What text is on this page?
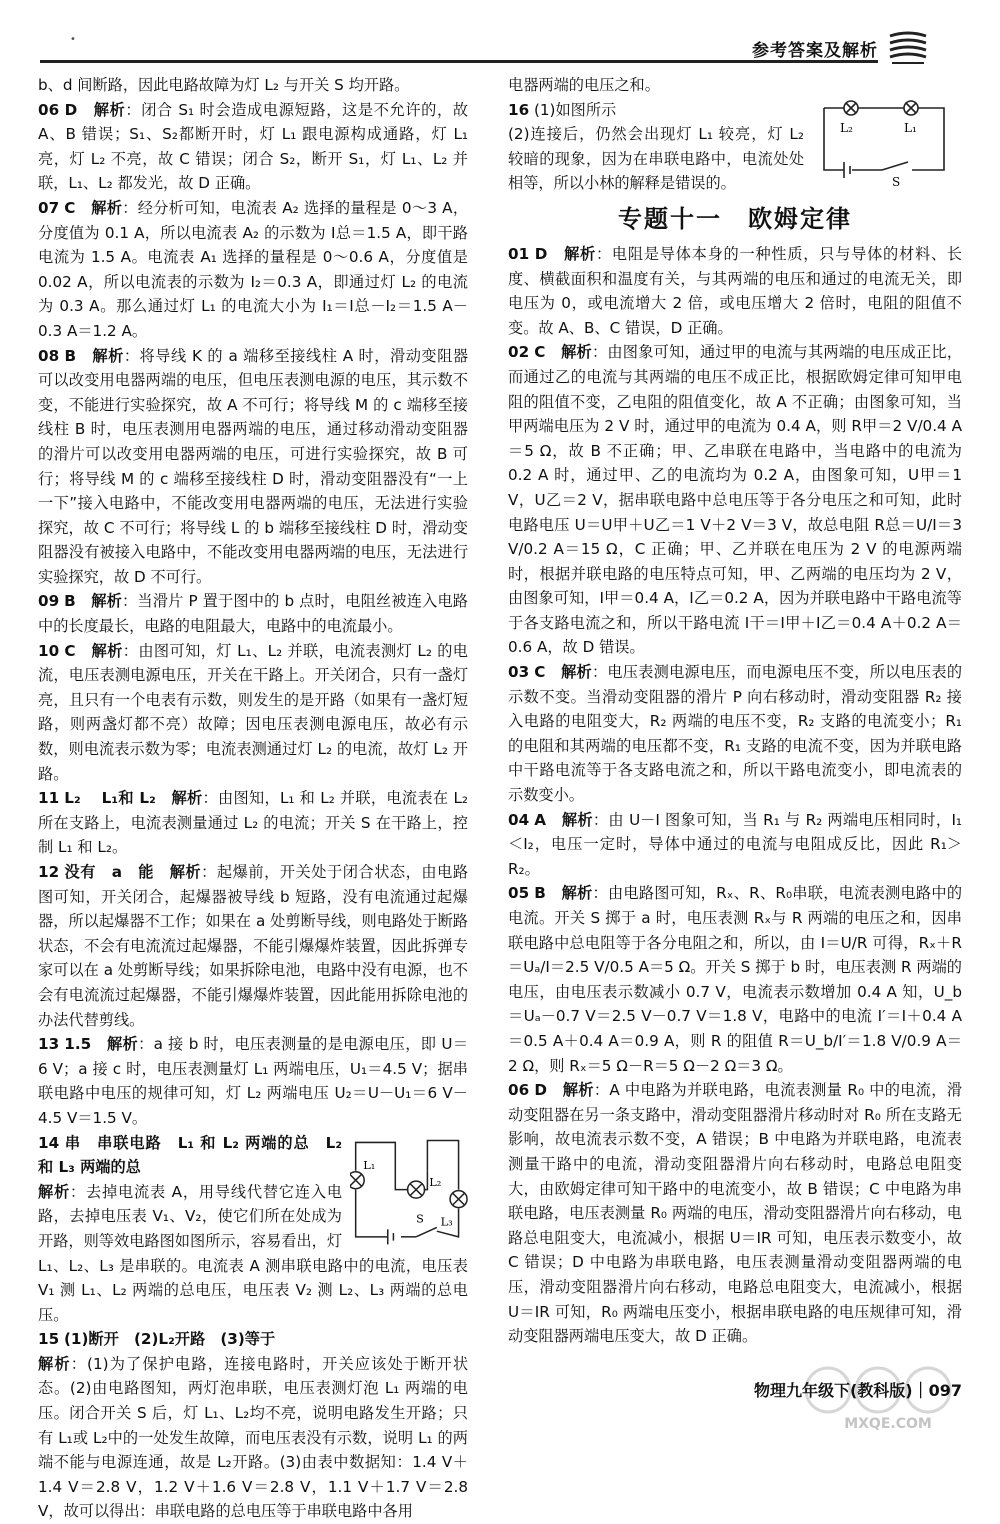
•
参考答案及解析

b、d 间断路，因此电路故障为灯 L₂ 与开关 S 均开路。

06 D　 解析：闭合 S₁ 时会造成电源短路，这是不允许的，故 A、B 错误；S₁、S₂都断开时，灯 L₁ 跟电源构成通路，灯 L₁ 亮，灯 L₂ 不亮，故 C 错误；闭合 S₂，断开 S₁，灯 L₁、L₂ 并联，L₁、L₂ 都发光，故 D 正确。

07 C　 解析：经分析可知，电流表 A₂ 选择的量程是 0～3 A，分度值为 0.1 A，所以电流表 A₂ 的示数为 I总＝1.5 A，即干路电流为 1.5 A。电流表 A₁ 选择的量程是 0～0.6 A，分度值是 0.02 A，所以电流表的示数为 I₂＝0.3 A，即通过灯 L₂ 的电流为 0.3 A。那么通过灯 L₁ 的电流大小为 I₁＝I总－I₂＝1.5 A－0.3 A＝1.2 A。

08 B　 解析：将导线 K 的 a 端移至接线柱 A 时，滑动变阻器可以改变用电器两端的电压，但电压表测电源的电压，其示数不变，不能进行实验探究，故 A 不可行；将导线 M 的 c 端移至接线柱 B 时，电压表测用电器两端的电压，通过移动滑动变阻器的滑片可以改变用电器两端的电压，可进行实验探究，故 B 可行；将导线 M 的 c 端移至接线柱 D 时，滑动变阻器没有“一上一下”接入电路中，不能改变用电器两端的电压，无法进行实验探究，故 C 不可行；将导线 L 的 b 端移至接线柱 D 时，滑动变阻器没有被接入电路中，不能改变用电器两端的电压，无法进行实验探究，故 D 不可行。

09 B　 解析：当滑片 P 置于图中的 b 点时，电阻丝被连入电路中的长度最长，电路的电阻最大，电路中的电流最小。

10 C　 解析：由图可知，灯 L₁、L₂ 并联，电流表测灯 L₂ 的电流，电压表测电源电压，开关在干路上。开关闭合，只有一盏灯亮，且只有一个电表有示数，则发生的是开路（如果有一盏灯短路，则两盏灯都不亮）故障；因电压表测电源电压，故必有示数，则电流表示数为零；电流表测通过灯 L₂ 的电流，故灯 L₂ 开路。

11 L₂ 　L₁和 L₂　 解析：由图知，L₁ 和 L₂ 并联，电流表在 L₂ 所在支路上，电流表测量通过 L₂ 的电流；开关 S 在干路上，控制 L₁ 和 L₂。

12 没有　a　能　 解析：起爆前，开关处于闭合状态，由电路图可知，开关闭合，起爆器被导线 b 短路，没有电流通过起爆器，所以起爆器不工作；如果在 a 处剪断导线，则电路处于断路状态，不会有电流流过起爆器，不能引爆爆炸装置，因此拆弹专家可以在 a 处剪断导线；如果拆除电池，电路中没有电源，也不会有电流流过起爆器，不能引爆爆炸装置，因此能用拆除电池的办法代替剪线。

13 1.5　 解析：a 接 b 时，电压表测量的是电源电压，即 U＝6 V；a 接 c 时，电压表测量灯 L₁ 两端电压，U₁＝4.5 V；据串联电路中电压的规律可知，灯 L₂ 两端电压 U₂＝U－U₁＝6 V－4.5 V＝1.5 V。

L₁
L₂
L₃
S

14 串　串联电路　L₁ 和 L₂ 两端的总　L₂ 和 L₃ 两端的总

解析：去掉电流表 A，用导线代替它连入电路，去掉电压表 V₁、V₂，使它们所在处成为开路，则等效电路图如图所示，容易看出，灯 L₁、L₂、L₃ 是串联的。电流表 A 测串联电路中的电流，电压表 V₁ 测 L₁、L₂ 两端的总电压，电压表 V₂ 测 L₂、L₃ 两端的总电压。

15 (1)断开　(2)L₂开路　(3)等于

解析：(1)为了保护电路，连接电路时，开关应该处于断开状态。(2)由电路图知，两灯泡串联，电压表测灯泡 L₁ 两端的电压。闭合开关 S 后，灯 L₁、L₂均不亮，说明电路发生开路；只有 L₁或 L₂中的一处发生故障，而电压表没有示数，说明 L₁ 的两端不能与电源连通，故是 L₂开路。(3)由表中数据知：1.4 V＋1.4 V＝2.8 V，1.2 V＋1.6 V＝2.8 V，1.1 V＋1.7 V＝2.8 V，故可以得出：串联电路的总电压等于串联电路中各用

电器两端的电压之和。

L₂	L₁
S

16 (1)如图所示

(2)连接后，仍然会出现灯 L₁ 较亮，灯 L₂ 较暗的现象，因为在串联电路中，电流处处相等，所以小林的解释是错误的。

专题十一　欧姆定律

01 D　 解析：电阻是导体本身的一种性质，只与导体的材料、长度、横截面积和温度有关，与其两端的电压和通过的电流无关，即电压为 0，或电流增大 2 倍，或电压增大 2 倍时，电阻的阻值不变。故 A、B、C 错误，D 正确。

02 C　 解析：由图象可知，通过甲的电流与其两端的电压成正比，而通过乙的电流与其两端的电压不成正比，根据欧姆定律可知甲电阻的阻值不变，乙电阻的阻值变化，故 A 不正确；由图象可知，当甲两端电压为 2 V 时，通过甲的电流为 0.4 A，则 R甲＝2 V/0.4 A＝5 Ω，故 B 不正确；甲、乙串联在电路中，当电路中的电流为 0.2 A 时，通过甲、乙的电流均为 0.2 A，由图象可知，U甲＝1 V，U乙＝2 V，据串联电路中总电压等于各分电压之和可知，此时电路电压 U＝U甲＋U乙＝1 V＋2 V＝3 V，故总电阻 R总＝U/I＝3 V/0.2 A＝15 Ω，C 正确；甲、乙并联在电压为 2 V 的电源两端时，根据并联电路的电压特点可知，甲、乙两端的电压均为 2 V，由图象可知，I甲＝0.4 A，I乙＝0.2 A，因为并联电路中干路电流等于各支路电流之和，所以干路电流 I干＝I甲＋I乙＝0.4 A＋0.2 A＝0.6 A，故 D 错误。

03 C　 解析：电压表测电源电压，而电源电压不变，所以电压表的示数不变。当滑动变阻器的滑片 P 向右移动时，滑动变阻器 R₂ 接入电路的电阻变大，R₂ 两端的电压不变，R₂ 支路的电流变小；R₁ 的电阻和其两端的电压都不变，R₁ 支路的电流不变，因为并联电路中干路电流等于各支路电流之和，所以干路电流变小，即电流表的示数变小。

04 A　 解析：由 U－I 图象可知，当 R₁ 与 R₂ 两端电压相同时，I₁＜I₂，电压一定时，导体中通过的电流与电阻成反比，因此 R₁＞R₂。

05 B　 解析：由电路图可知，Rₓ、R、R₀串联，电流表测电路中的电流。开关 S 掷于 a 时，电压表测 Rₓ与 R 两端的电压之和，因串联电路中总电阻等于各分电阻之和，所以，由 I＝U/R 可得，Rₓ＋R＝Uₐ/I＝2.5 V/0.5 A＝5 Ω。开关 S 掷于 b 时，电压表测 R 两端的电压，由电压表示数减小 0.7 V，电流表示数增加 0.4 A 知，U_b＝Uₐ－0.7 V＝2.5 V－0.7 V＝1.8 V，电路中的电流 I′＝I＋0.4 A＝0.5 A＋0.4 A＝0.9 A，则 R 的阻值 R＝U_b/I′＝1.8 V/0.9 A＝2 Ω，则 Rₓ＝5 Ω－R＝5 Ω－2 Ω＝3 Ω。

06 D　 解析：A 中电路为并联电路，电流表测量 R₀ 中的电流，滑动变阻器在另一条支路中，滑动变阻器滑片移动时对 R₀ 所在支路无影响，故电流表示数不变，A 错误；B 中电路为并联电路，电流表测量干路中的电流，滑动变阻器滑片向右移动时，电路总电阻变大，由欧姆定律可知干路中的电流变小，故 B 错误；C 中电路为串联电路，电压表测量 R₀ 两端的电压，滑动变阻器滑片向右移动，电路总电阻变大，电流减小，根据 U＝IR 可知，电压表示数变小，故 C 错误；D 中电路为串联电路，电压表测量滑动变阻器两端的电压，滑动变阻器滑片向右移动，电路总电阻变大，电流减小，根据 U＝IR 可知，R₀ 两端电压变小，根据串联电路的电压规律可知，滑动变阻器两端电压变大，故 D 正确。

MXQE.COM
物理九年级下(教科版)｜097
